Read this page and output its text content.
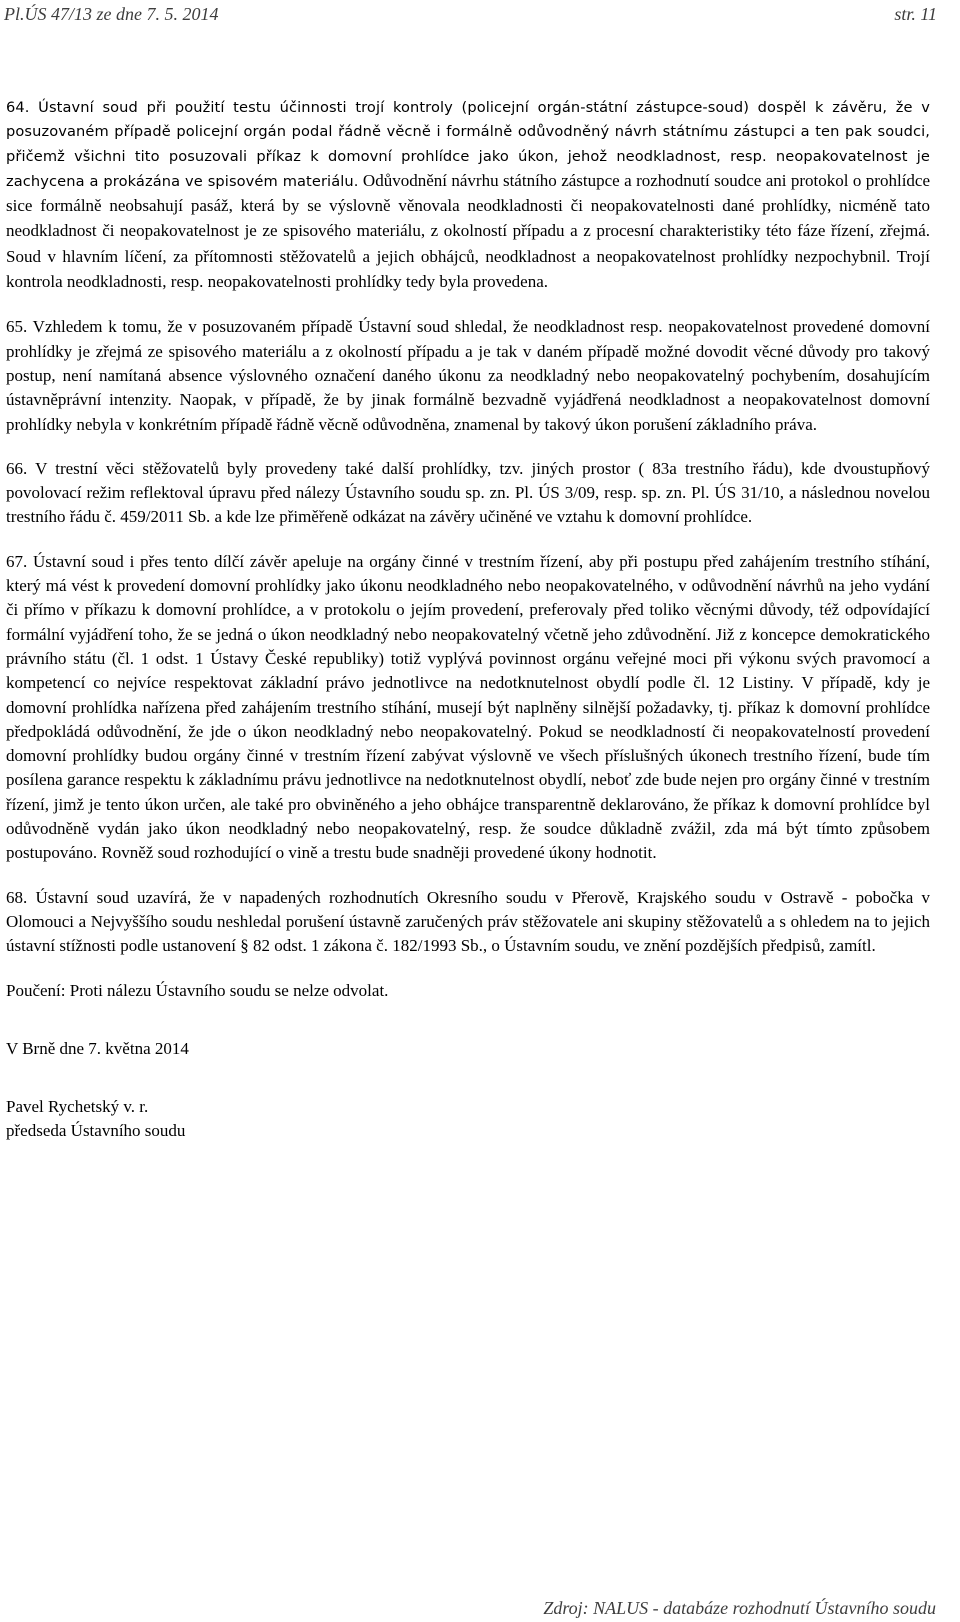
Pl.ÚS 47/13 ze dne 7. 5. 2014	str. 11

64. Ústavní soud při použití testu účinnosti trojí kontroly (policejní orgán-státní zástupce-soud) dospěl k závěru, že v posuzovaném případě policejní orgán podal řádně věcně i formálně odůvodněný návrh státnímu zástupci a ten pak soudci, přičemž všichni tito posuzovali příkaz k domovní prohlídce jako úkon, jehož neodkladnost, resp. neopakovatelnost je zachycena a prokázána ve spisovém materiálu. Odůvodnění návrhu státního zástupce a rozhodnutí soudce ani protokol o prohlídce sice formálně neobsahují pasáž, která by se výslovně věnovala neodkladnosti či neopakovatelnosti dané prohlídky, nicméně tato neodkladnost či neopakovatelnost je ze spisového materiálu, z okolností případu a z procesní charakteristiky této fáze řízení, zřejmá. Soud v hlavním líčení, za přítomnosti stěžovatelů a jejich obhájců, neodkladnost a neopakovatelnost prohlídky nezpochybnil. Trojí kontrola neodkladnosti, resp. neopakovatelnosti prohlídky tedy byla provedena.

65. Vzhledem k tomu, že v posuzovaném případě Ústavní soud shledal, že neodkladnost resp. neopakovatelnost provedené domovní prohlídky je zřejmá ze spisového materiálu a z okolností případu a je tak v daném případě možné dovodit věcné důvody pro takový postup, není namítaná absence výslovného označení daného úkonu za neodkladný nebo neopakovatelný pochybením, dosahujícím ústavněprávní intenzity. Naopak, v případě, že by jinak formálně bezvadně vyjádřená neodkladnost a neopakovatelnost domovní prohlídky nebyla v konkrétním případě řádně věcně odůvodněna, znamenal by takový úkon porušení základního práva.

66. V trestní věci stěžovatelů byly provedeny také další prohlídky, tzv. jiných prostor ( 83a trestního řádu), kde dvoustupňový povolovací režim reflektoval úpravu před nálezy Ústavního soudu sp. zn. Pl. ÚS 3/09, resp. sp. zn. Pl. ÚS 31/10, a následnou novelou trestního řádu č. 459/2011 Sb. a kde lze přiměřeně odkázat na závěry učiněné ve vztahu k domovní prohlídce.

67. Ústavní soud i přes tento dílčí závěr apeluje na orgány činné v trestním řízení, aby při postupu před zahájením trestního stíhání, který má vést k provedení domovní prohlídky jako úkonu neodkladného nebo neopakovatelného, v odůvodnění návrhů na jeho vydání či přímo v příkazu k domovní prohlídce, a v protokolu o jejím provedení, preferovaly před toliko věcnými důvody, též odpovídající formální vyjádření toho, že se jedná o úkon neodkladný nebo neopakovatelný včetně jeho zdůvodnění. Již z koncepce demokratického právního státu (čl. 1 odst. 1 Ústavy České republiky) totiž vyplývá povinnost orgánu veřejné moci při výkonu svých pravomocí a kompetencí co nejvíce respektovat základní právo jednotlivce na nedotknutelnost obydlí podle čl. 12 Listiny. V případě, kdy je domovní prohlídka nařízena před zahájením trestního stíhání, musejí být naplněny silnější požadavky, tj. příkaz k domovní prohlídce předpokládá odůvodnění, že jde o úkon neodkladný nebo neopakovatelný. Pokud se neodkladností či neopakovatelností provedení domovní prohlídky budou orgány činné v trestním řízení zabývat výslovně ve všech příslušných úkonech trestního řízení, bude tím posílena garance respektu k základnímu právu jednotlivce na nedotknutelnost obydlí, neboť zde bude nejen pro orgány činné v trestním řízení, jimž je tento úkon určen, ale také pro obviněného a jeho obhájce transparentně deklarováno, že příkaz k domovní prohlídce byl odůvodněně vydán jako úkon neodkladný nebo neopakovatelný, resp. že soudce důkladně zvážil, zda má být tímto způsobem postupováno. Rovněž soud rozhodující o vině a trestu bude snadněji provedené úkony hodnotit.

68. Ústavní soud uzavírá, že v napadených rozhodnutích Okresního soudu v Přerově, Krajského soudu v Ostravě - pobočka v Olomouci a Nejvyššího soudu neshledal porušení ústavně zaručených práv stěžovatele ani skupiny stěžovatelů a s ohledem na to jejich ústavní stížnosti podle ustanovení § 82 odst. 1 zákona č. 182/1993 Sb., o Ústavním soudu, ve znění pozdějších předpisů, zamítl.

Poučení: Proti nálezu Ústavního soudu se nelze odvolat.

V Brně dne 7. května 2014

Pavel Rychetský v. r.

předseda Ústavního soudu

Zdroj: NALUS - databáze rozhodnutí Ústavního soudu
